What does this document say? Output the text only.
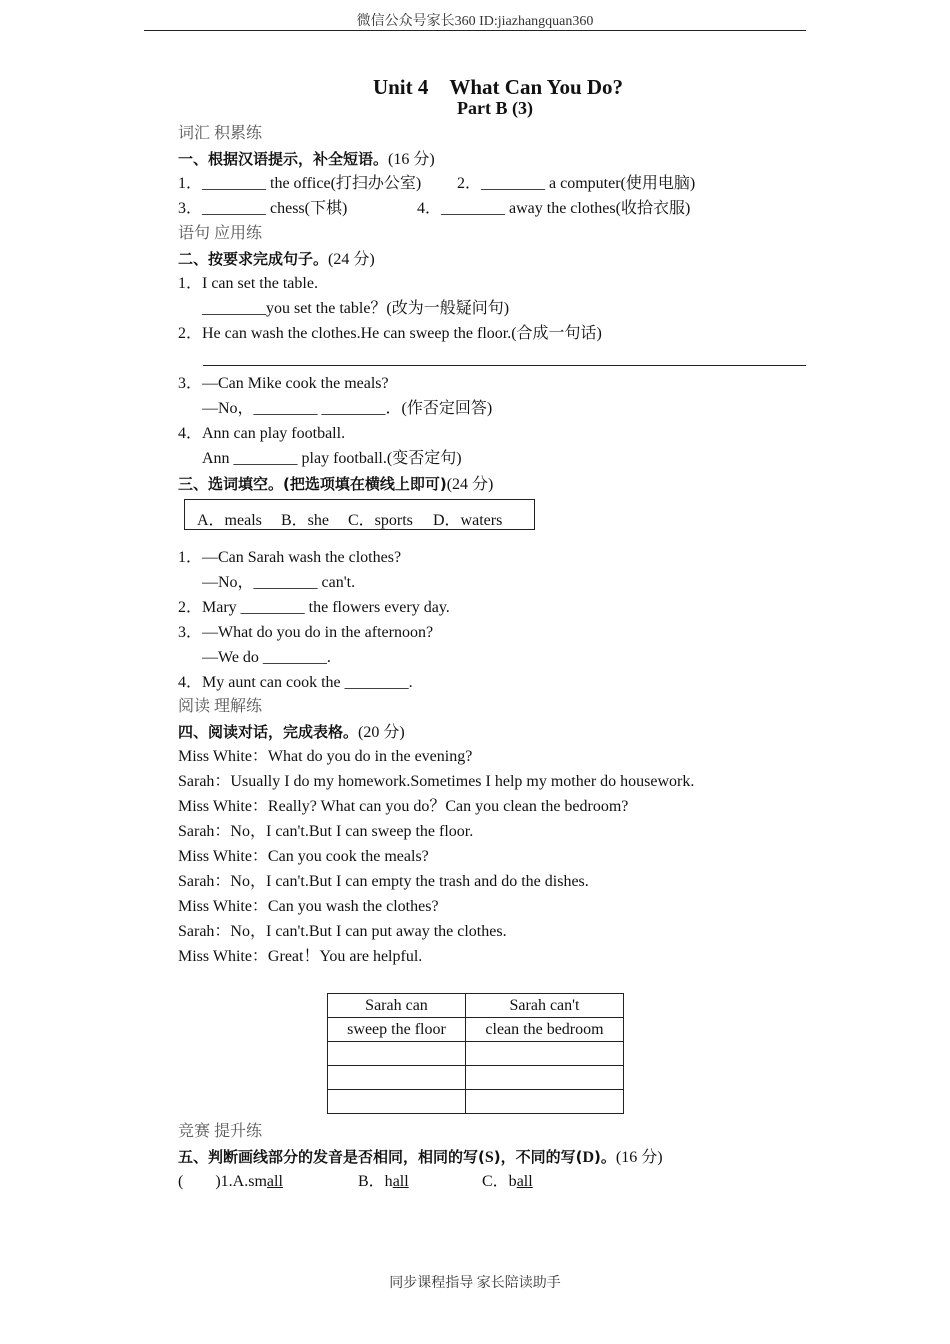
微信公众号家长360 ID:jiazhangquan360
Unit 4　What Can You Do?
Part B (3)
词汇 积累练
一、根据汉语提示，补全短语。(16 分)
1．________ the office(打扫办公室) 2．________ a computer(使用电脑)
3．________ chess(下棋)	4．________ away the clothes(收拾衣服)
语句 应用练
二、按要求完成句子。(24 分)
1．I can set the table.
________you set the table？(改为一般疑问句)
2．He can wash the clothes.He can sweep the floor.(合成一句话)
3．—Can Mike cook the meals?
—No，________ ________．(作否定回答)
4．Ann can play football.
Ann ________ play football.(变否定句)
三、选词填空。(把选项填在横线上即可)(24 分)
A．meals B．she C．sports D．waters
1．—Can Sarah wash the clothes?
—No，________ can't.
2．Mary ________ the flowers every day.
3．—What do you do in the afternoon?
—We do ________.
4．My aunt can cook the ________.
阅读 理解练
四、阅读对话，完成表格。(20 分)
Miss White：What do you do in the evening?
Sarah：Usually I do my homework.Sometimes I help my mother do housework.
Miss White：Really? What can you do？Can you clean the bedroom?
Sarah：No，I can't.But I can sweep the floor.
Miss White：Can you cook the meals?
Sarah：No，I can't.But I can empty the trash and do the dishes.
Miss White：Can you wash the clothes?
Sarah：No，I can't.But I can put away the clothes.
Miss White：Great！You are helpful.
Sarah can	Sarah can't
sweep the floor	clean the bedroom

竞赛 提升练
五、判断画线部分的发音是否相同，相同的写(S)，不同的写(D)。(16 分)
(　　)1.A.small	B．hall	C．ball
同步课程指导 家长陪读助手
